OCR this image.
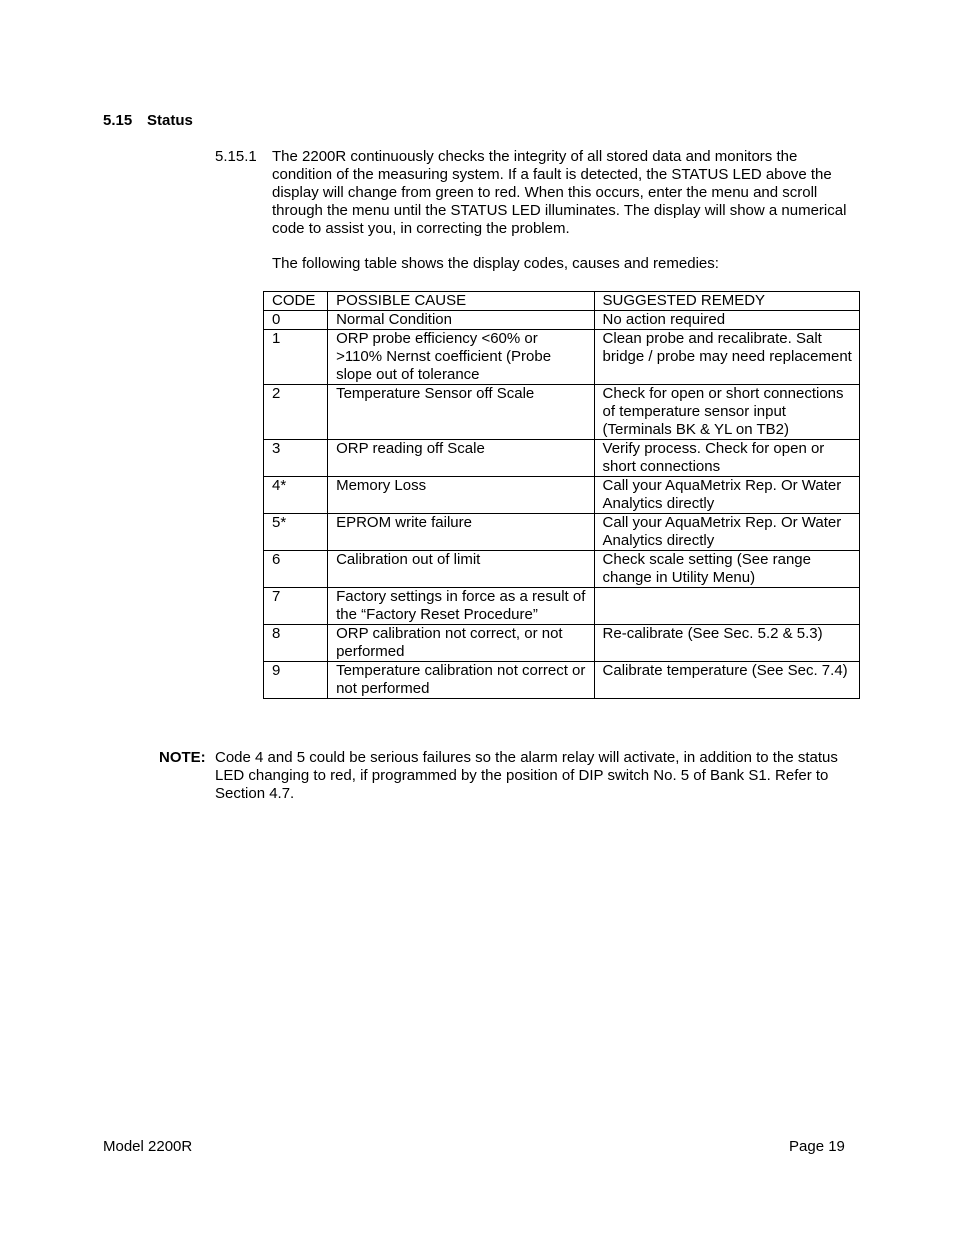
5.15 Status
5.15.1 The 2200R continuously checks the integrity of all stored data and monitors the condition of the measuring system. If a fault is detected, the STATUS LED above the display will change from green to red. When this occurs, enter the menu and scroll through the menu until the STATUS LED illuminates. The display will show a numerical code to assist you, in correcting the problem.
The following table shows the display codes, causes and remedies:
CODE	POSSIBLE CAUSE	SUGGESTED REMEDY
0	Normal Condition	No action required
1	ORP probe efficiency <60% or >110% Nernst coefficient (Probe slope out of tolerance	Clean probe and recalibrate. Salt bridge / probe may need replacement
2	Temperature Sensor off Scale	Check for open or short connections of temperature sensor input (Terminals BK & YL on TB2)
3	ORP reading off Scale	Verify process. Check for open or short connections
4*	Memory Loss	Call your AquaMetrix Rep. Or Water Analytics directly
5*	EPROM write failure	Call your AquaMetrix Rep. Or Water Analytics directly
6	Calibration out of limit	Check scale setting (See range change in Utility Menu)
7	Factory settings in force as a result of the “Factory Reset Procedure”	
8	ORP calibration not correct, or not performed	Re-calibrate (See Sec. 5.2 & 5.3)
9	Temperature calibration not correct or not performed	Calibrate temperature (See Sec. 7.4)
NOTE: Code 4 and 5 could be serious failures so the alarm relay will activate, in addition to the status LED changing to red, if programmed by the position of DIP switch No. 5 of Bank S1. Refer to Section 4.7.
Model 2200R	Page 19
